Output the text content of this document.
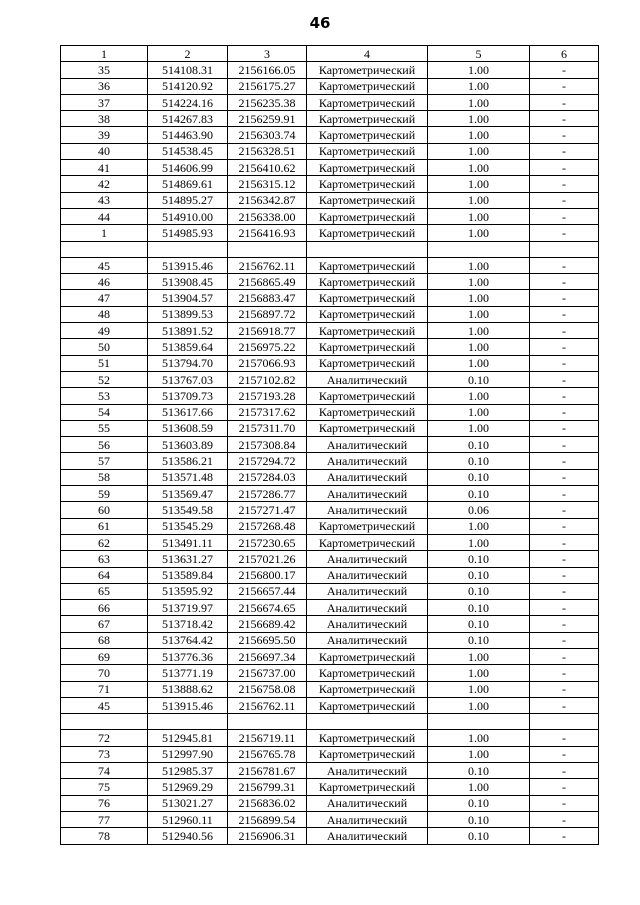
46
1	2	3	4	5	6
35	514108.31	2156166.05	Картометрический	1.00	-
36	514120.92	2156175.27	Картометрический	1.00	-
37	514224.16	2156235.38	Картометрический	1.00	-
38	514267.83	2156259.91	Картометрический	1.00	-
39	514463.90	2156303.74	Картометрический	1.00	-
40	514538.45	2156328.51	Картометрический	1.00	-
41	514606.99	2156410.62	Картометрический	1.00	-
42	514869.61	2156315.12	Картометрический	1.00	-
43	514895.27	2156342.87	Картометрический	1.00	-
44	514910.00	2156338.00	Картометрический	1.00	-
1	514985.93	2156416.93	Картометрический	1.00	-

45	513915.46	2156762.11	Картометрический	1.00	-
46	513908.45	2156865.49	Картометрический	1.00	-
47	513904.57	2156883.47	Картометрический	1.00	-
48	513899.53	2156897.72	Картометрический	1.00	-
49	513891.52	2156918.77	Картометрический	1.00	-
50	513859.64	2156975.22	Картометрический	1.00	-
51	513794.70	2157066.93	Картометрический	1.00	-
52	513767.03	2157102.82	Аналитический	0.10	-
53	513709.73	2157193.28	Картометрический	1.00	-
54	513617.66	2157317.62	Картометрический	1.00	-
55	513608.59	2157311.70	Картометрический	1.00	-
56	513603.89	2157308.84	Аналитический	0.10	-
57	513586.21	2157294.72	Аналитический	0.10	-
58	513571.48	2157284.03	Аналитический	0.10	-
59	513569.47	2157286.77	Аналитический	0.10	-
60	513549.58	2157271.47	Аналитический	0.06	-
61	513545.29	2157268.48	Картометрический	1.00	-
62	513491.11	2157230.65	Картометрический	1.00	-
63	513631.27	2157021.26	Аналитический	0.10	-
64	513589.84	2156800.17	Аналитический	0.10	-
65	513595.92	2156657.44	Аналитический	0.10	-
66	513719.97	2156674.65	Аналитический	0.10	-
67	513718.42	2156689.42	Аналитический	0.10	-
68	513764.42	2156695.50	Аналитический	0.10	-
69	513776.36	2156697.34	Картометрический	1.00	-
70	513771.19	2156737.00	Картометрический	1.00	-
71	513888.62	2156758.08	Картометрический	1.00	-
45	513915.46	2156762.11	Картометрический	1.00	-

72	512945.81	2156719.11	Картометрический	1.00	-
73	512997.90	2156765.78	Картометрический	1.00	-
74	512985.37	2156781.67	Аналитический	0.10	-
75	512969.29	2156799.31	Картометрический	1.00	-
76	513021.27	2156836.02	Аналитический	0.10	-
77	512960.11	2156899.54	Аналитический	0.10	-
78	512940.56	2156906.31	Аналитический	0.10	-
